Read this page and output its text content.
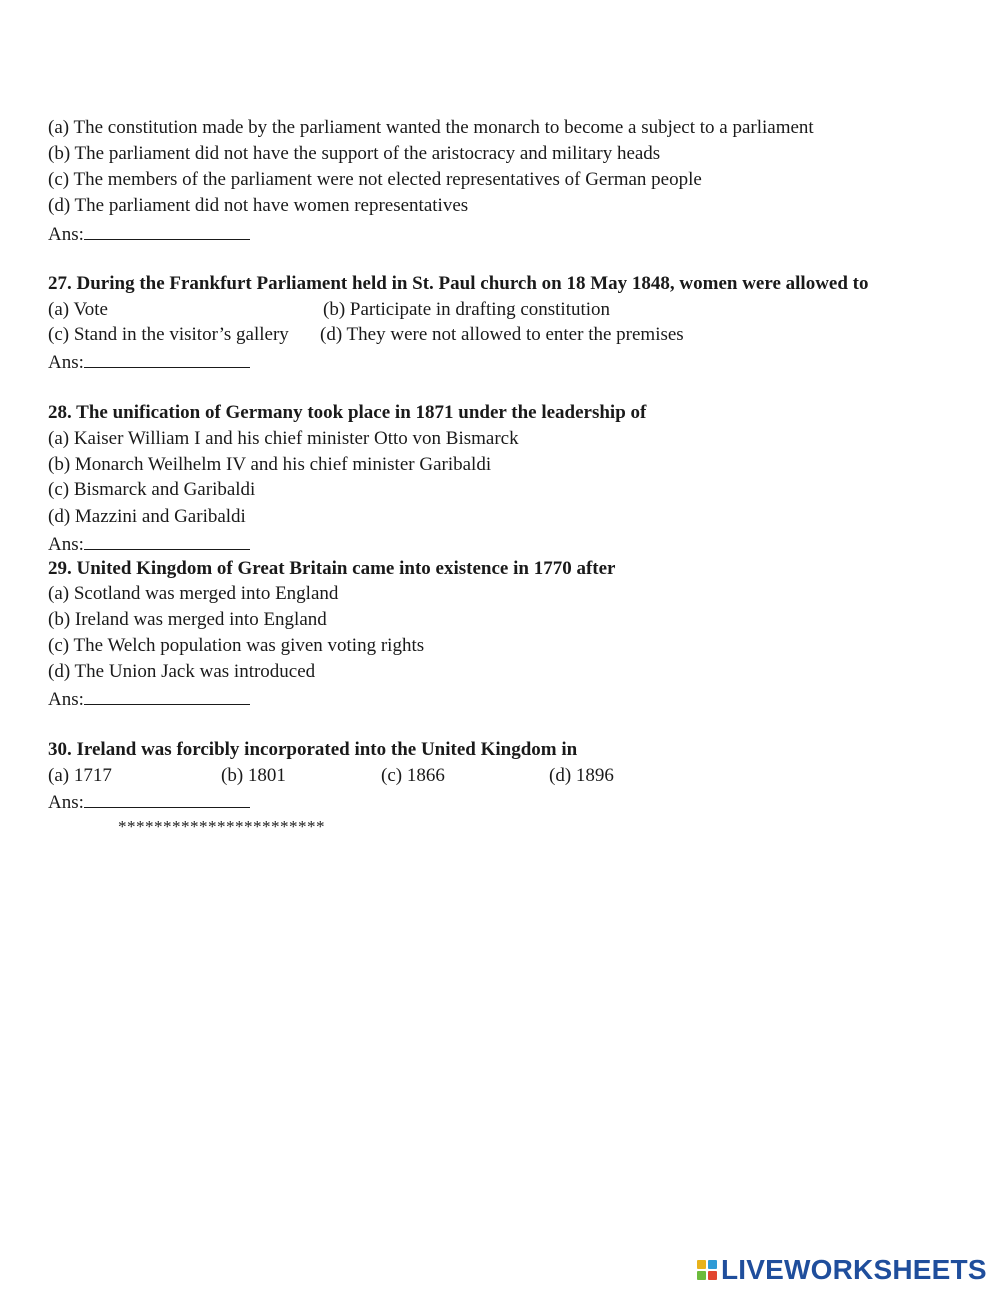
(a) The constitution made by the parliament wanted the monarch to become a subject to a parliament
(b) The parliament did not have the support of the aristocracy and military heads
(c) The members of the parliament were not elected representatives of German people
(d) The parliament did not have women representatives
Ans:
27. During the Frankfurt Parliament held in St. Paul church on 18 May 1848, women were allowed to
(a) Vote	(b) Participate in drafting constitution
(c) Stand in the visitor’s gallery (d) They were not allowed to enter the premises
Ans:
28. The unification of Germany took place in 1871 under the leadership of
(a) Kaiser William I and his chief minister Otto von Bismarck
(b) Monarch Weilhelm IV and his chief minister Garibaldi
(c) Bismarck and Garibaldi
(d) Mazzini and Garibaldi
Ans:
29. United Kingdom of Great Britain came into existence in 1770 after
(a) Scotland was merged into England
(b) Ireland was merged into England
(c) The Welch population was given voting rights
(d) The Union Jack was introduced
Ans:
30. Ireland was forcibly incorporated into the United Kingdom in
(a) 1717	(b) 1801	(c) 1866	(d) 1896
Ans:
***********************
LIVEWORKSHEETS
